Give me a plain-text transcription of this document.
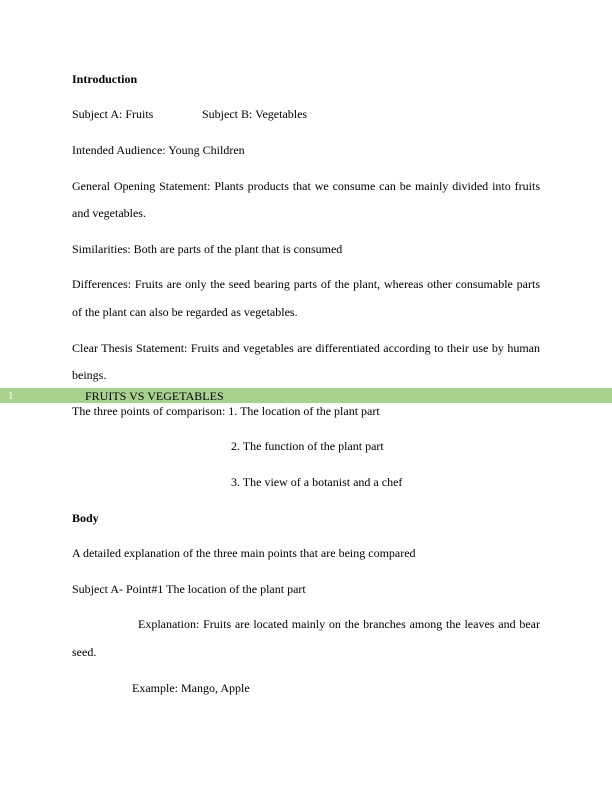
Introduction
Subject A: Fruits	Subject B: Vegetables
Intended Audience: Young Children
General Opening Statement: Plants products that we consume can be mainly divided into fruits
and vegetables.
Similarities: Both are parts of the plant that is consumed
Differences: Fruits are only the seed bearing parts of the plant, whereas other consumable parts
of the plant can also be regarded as vegetables.
Clear Thesis Statement: Fruits and vegetables are differentiated according to their use by human
beings.
1	FRUITS VS VEGETABLES
The three points of comparison: 1. The location of the plant part
2. The function of the plant part
3. The view of a botanist and a chef
Body
A detailed explanation of the three main points that are being compared
Subject A- Point#1 The location of the plant part
Explanation: Fruits are located mainly on the branches among the leaves and bear
seed.
Example: Mango, Apple
